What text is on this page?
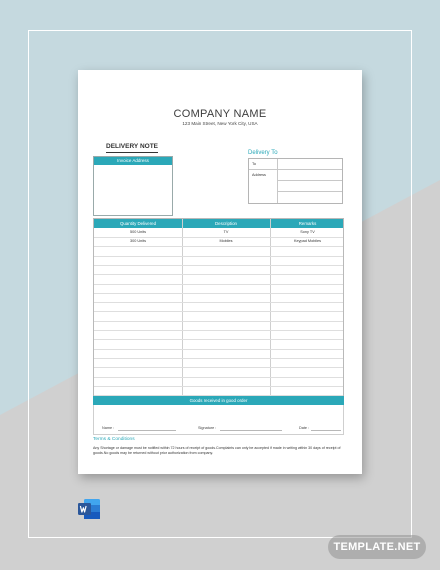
COMPANY NAME
123 Main Street, New York City, USA
DELIVERY NOTE
Invoice Address
Delivery To
To
Address
Quantity Delivered	Description	Remarks
500 Units	TV	Sony TV
300 Units	Mobiles	Keypad Mobiles
Goods received in good order
Name :	Signature :	Date :
Terms & Conditions
Any Shortage or damage must be notified within 72 hours of receipt of goods.Complaints can only be accepted if made in writing within 30 days of receipt of goods.No goods may be returned without prior authorization from company.
TEMPLATE.NET
